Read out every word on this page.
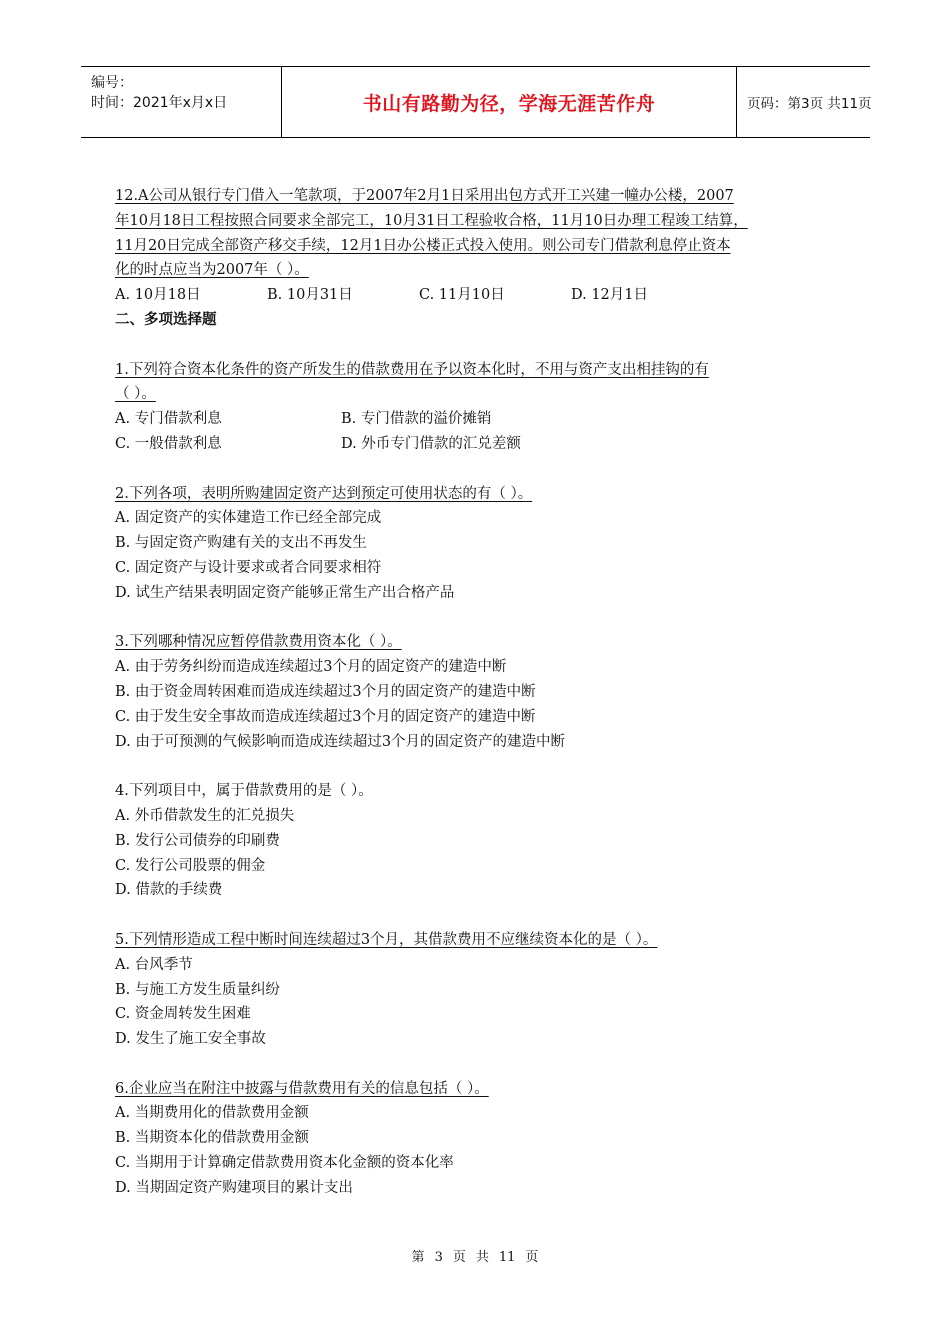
编号：
时间：2021年x月x日	书山有路勤为径，学海无涯苦作舟	页码：第3页 共11页
12.A公司从银行专门借入一笔款项，于2007年2月1日采用出包方式开工兴建一幢办公楼，2007
年10月18日工程按照合同要求全部完工，10月31日工程验收合格，11月10日办理工程竣工结算，
11月20日完成全部资产移交手续，12月1日办公楼正式投入使用。则公司专门借款利息停止资本
化的时点应当为2007年（ ）。
A. 10月18日	B. 10月31日	C. 11月10日	D. 12月1日
二、多项选择题
1.下列符合资本化条件的资产所发生的借款费用在予以资本化时，不用与资产支出相挂钩的有
（ ）。
A. 专门借款利息	B. 专门借款的溢价摊销
C. 一般借款利息	D. 外币专门借款的汇兑差额
2.下列各项，表明所购建固定资产达到预定可使用状态的有（ ）。
A. 固定资产的实体建造工作已经全部完成
B. 与固定资产购建有关的支出不再发生
C. 固定资产与设计要求或者合同要求相符
D. 试生产结果表明固定资产能够正常生产出合格产品
3.下列哪种情况应暂停借款费用资本化（ ）。
A. 由于劳务纠纷而造成连续超过3个月的固定资产的建造中断
B. 由于资金周转困难而造成连续超过3个月的固定资产的建造中断
C. 由于发生安全事故而造成连续超过3个月的固定资产的建造中断
D. 由于可预测的气候影响而造成连续超过3个月的固定资产的建造中断
4.下列项目中，属于借款费用的是（ ）。
A. 外币借款发生的汇兑损失
B. 发行公司债券的印刷费
C. 发行公司股票的佣金
D. 借款的手续费
5.下列情形造成工程中断时间连续超过3个月，其借款费用不应继续资本化的是（ ）。
A. 台风季节
B. 与施工方发生质量纠纷
C. 资金周转发生困难
D. 发生了施工安全事故
6.企业应当在附注中披露与借款费用有关的信息包括（ ）。
A. 当期费用化的借款费用金额
B. 当期资本化的借款费用金额
C. 当期用于计算确定借款费用资本化金额的资本化率
D. 当期固定资产购建项目的累计支出
第 3 页 共 11 页
